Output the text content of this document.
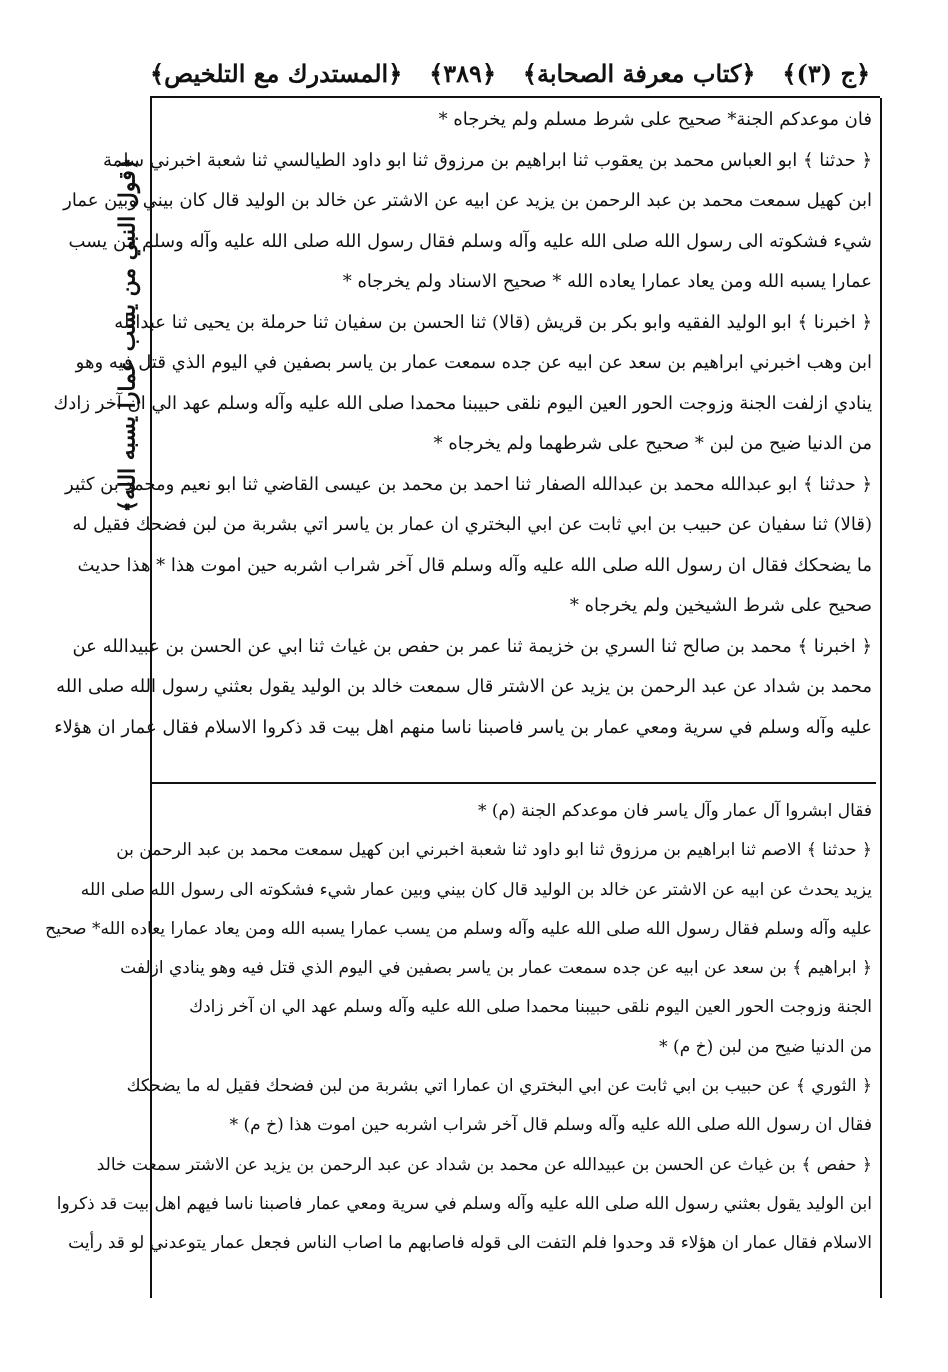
﴿المستدرك مع التلخيص﴾ ﴿٣٨٩﴾ ﴿كتاب معرفة الصحابة﴾ ﴿ج (٣)﴾
﴿قول النبي من يسب عمارا يسبه الله﴾
فان موعدكم الجنة* صحيح على شرط مسلم ولم يخرجاه *
﴿ حدثنا ﴾ ابو العباس محمد بن يعقوب ثنا ابراهيم بن مرزوق ثنا ابو داود الطيالسي ثنا شعبة اخبرني سلمة
ابن كهيل سمعت محمد بن عبد الرحمن بن يزيد عن ابيه عن الاشتر عن خالد بن الوليد قال كان بيني وبين عمار
شيء فشكوته الى رسول الله صلى الله عليه وآله وسلم فقال رسول الله صلى الله عليه وآله وسلم من يسب
عمارا يسبه الله ومن يعاد عمارا يعاده الله * صحيح الاسناد ولم يخرجاه *
﴿ اخبرنا ﴾ ابو الوليد الفقيه وابو بكر بن قريش (قالا) ثنا الحسن بن سفيان ثنا حرملة بن يحيى ثنا عبدالله
ابن وهب اخبرني ابراهيم بن سعد عن ابيه عن جده سمعت عمار بن ياسر بصفين في اليوم الذي قتل فيه وهو
ينادي ازلفت الجنة وزوجت الحور العين اليوم نلقى حبيبنا محمدا صلى الله عليه وآله وسلم عهد الي ان آخر زادك
من الدنيا ضيح من لبن * صحيح على شرطهما ولم يخرجاه *
﴿ حدثنا ﴾ ابو عبدالله محمد بن عبدالله الصفار ثنا احمد بن محمد بن عيسى القاضي ثنا ابو نعيم ومحمد بن كثير
(قالا) ثنا سفيان عن حبيب بن ابي ثابت عن ابي البختري ان عمار بن ياسر اتي بشربة من لبن فضحك فقيل له
ما يضحكك فقال ان رسول الله صلى الله عليه وآله وسلم قال آخر شراب اشربه حين اموت هذا * هذا حديث
صحيح على شرط الشيخين ولم يخرجاه *
﴿ اخبرنا ﴾ محمد بن صالح ثنا السري بن خزيمة ثنا عمر بن حفص بن غياث ثنا ابي عن الحسن بن عبيدالله عن
محمد بن شداد عن عبد الرحمن بن يزيد عن الاشتر قال سمعت خالد بن الوليد يقول بعثني رسول الله صلى الله
عليه وآله وسلم في سرية ومعي عمار بن ياسر فاصبنا ناسا منهم اهل بيت قد ذكروا الاسلام فقال عمار ان هؤلاء
فقال ابشروا آل عمار وآل ياسر فان موعدكم الجنة (م) *
﴿ حدثنا ﴾ الاصم ثنا ابراهيم بن مرزوق ثنا ابو داود ثنا شعبة اخبرني ابن كهيل سمعت محمد بن عبد الرحمن بن
يزيد يحدث عن ابيه عن الاشتر عن خالد بن الوليد قال كان بيني وبين عمار شيء فشكوته الى رسول الله صلى الله
عليه وآله وسلم فقال رسول الله صلى الله عليه وآله وسلم من يسب عمارا يسبه الله ومن يعاد عمارا يعاده الله* صحيح
﴿ ابراهيم ﴾ بن سعد عن ابيه عن جده سمعت عمار بن ياسر بصفين في اليوم الذي قتل فيه وهو ينادي ازلفت
الجنة وزوجت الحور العين اليوم نلقى حبيبنا محمدا صلى الله عليه وآله وسلم عهد الي ان آخر زادك
من الدنيا ضيح من لبن (خ م) *
﴿ الثوري ﴾ عن حبيب بن ابي ثابت عن ابي البختري ان عمارا اتي بشربة من لبن فضحك فقيل له ما يضحكك
فقال ان رسول الله صلى الله عليه وآله وسلم قال آخر شراب اشربه حين اموت هذا (خ م) *
﴿ حفص ﴾ بن غياث عن الحسن بن عبيدالله عن محمد بن شداد عن عبد الرحمن بن يزيد عن الاشتر سمعت خالد
ابن الوليد يقول بعثني رسول الله صلى الله عليه وآله وسلم في سرية ومعي عمار فاصبنا ناسا فيهم اهل بيت قد ذكروا
الاسلام فقال عمار ان هؤلاء قد وحدوا فلم التفت الى قوله فاصابهم ما اصاب الناس فجعل عمار يتوعدني لو قد رأيت
